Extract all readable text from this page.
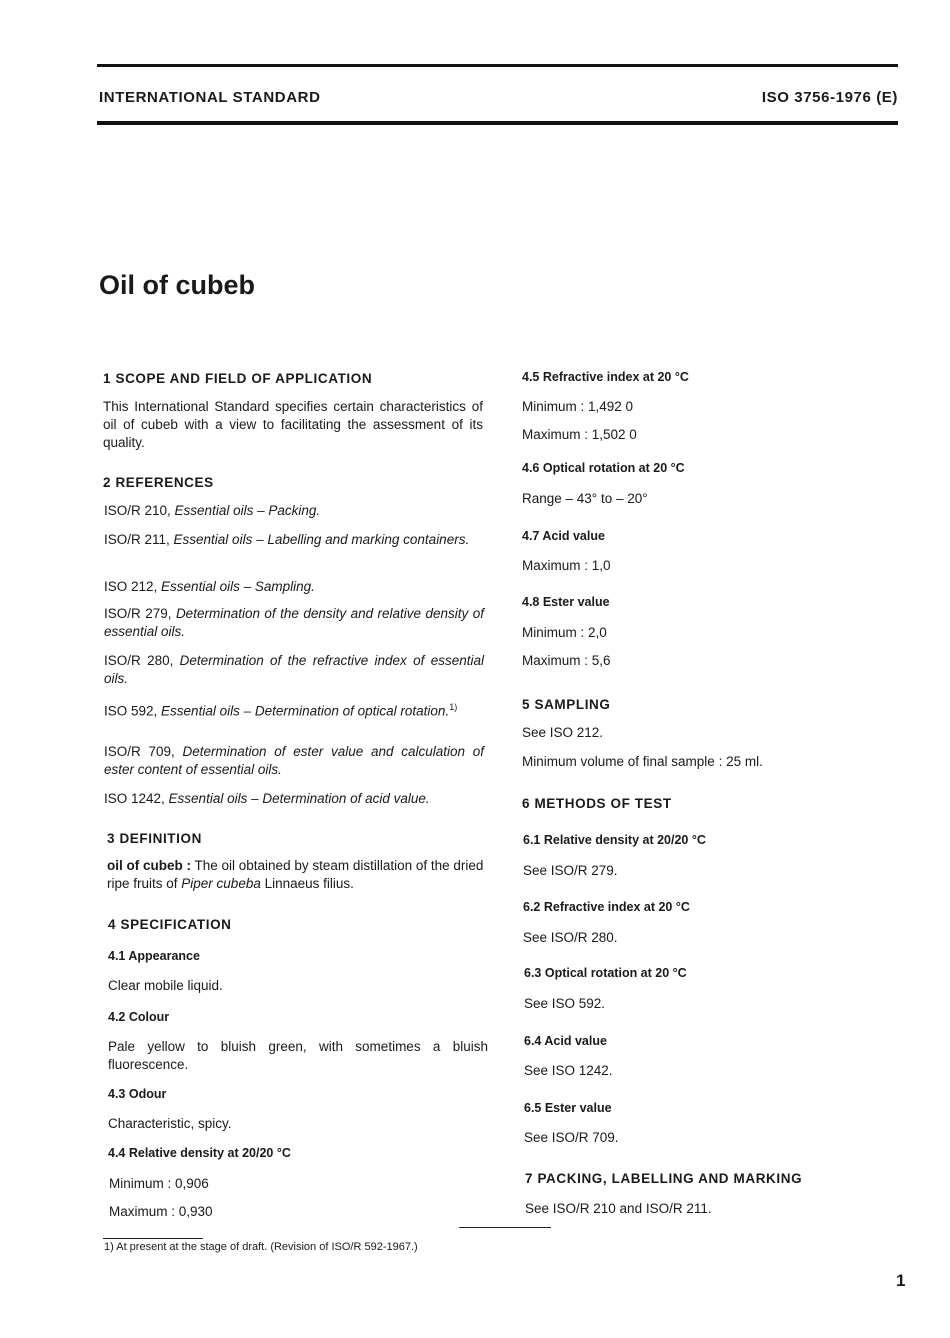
INTERNATIONAL STANDARD	ISO 3756-1976 (E)
Oil of cubeb
1 SCOPE AND FIELD OF APPLICATION
This International Standard specifies certain characteristics of oil of cubeb with a view to facilitating the assessment of its quality.
2 REFERENCES
ISO/R 210, Essential oils – Packing.
ISO/R 211, Essential oils – Labelling and marking containers.
ISO 212, Essential oils – Sampling.
ISO/R 279, Determination of the density and relative density of essential oils.
ISO/R 280, Determination of the refractive index of essential oils.
ISO 592, Essential oils – Determination of optical rotation.$^{1)}$
ISO/R 709, Determination of ester value and calculation of ester content of essential oils.
ISO 1242, Essential oils – Determination of acid value.
3 DEFINITION
oil of cubeb : The oil obtained by steam distillation of the dried ripe fruits of Piper cubeba Linnaeus filius.
4 SPECIFICATION
4.1 Appearance
Clear mobile liquid.
4.2 Colour
Pale yellow to bluish green, with sometimes a bluish fluorescence.
4.3 Odour
Characteristic, spicy.
4.4 Relative density at 20/20 °C
Minimum : 0,906
Maximum : 0,930
4.5 Refractive index at 20 °C
Minimum : 1,492 0
Maximum : 1,502 0
4.6 Optical rotation at 20 °C
Range – 43° to – 20°
4.7 Acid value
Maximum : 1,0
4.8 Ester value
Minimum : 2,0
Maximum : 5,6
5 SAMPLING
See ISO 212.
Minimum volume of final sample : 25 ml.
6 METHODS OF TEST
6.1 Relative density at 20/20 °C
See ISO/R 279.
6.2 Refractive index at 20 °C
See ISO/R 280.
6.3 Optical rotation at 20 °C
See ISO 592.
6.4 Acid value
See ISO 1242.
6.5 Ester value
See ISO/R 709.
7 PACKING, LABELLING AND MARKING
See ISO/R 210 and ISO/R 211.
1) At present at the stage of draft. (Revision of ISO/R 592-1967.)
1
